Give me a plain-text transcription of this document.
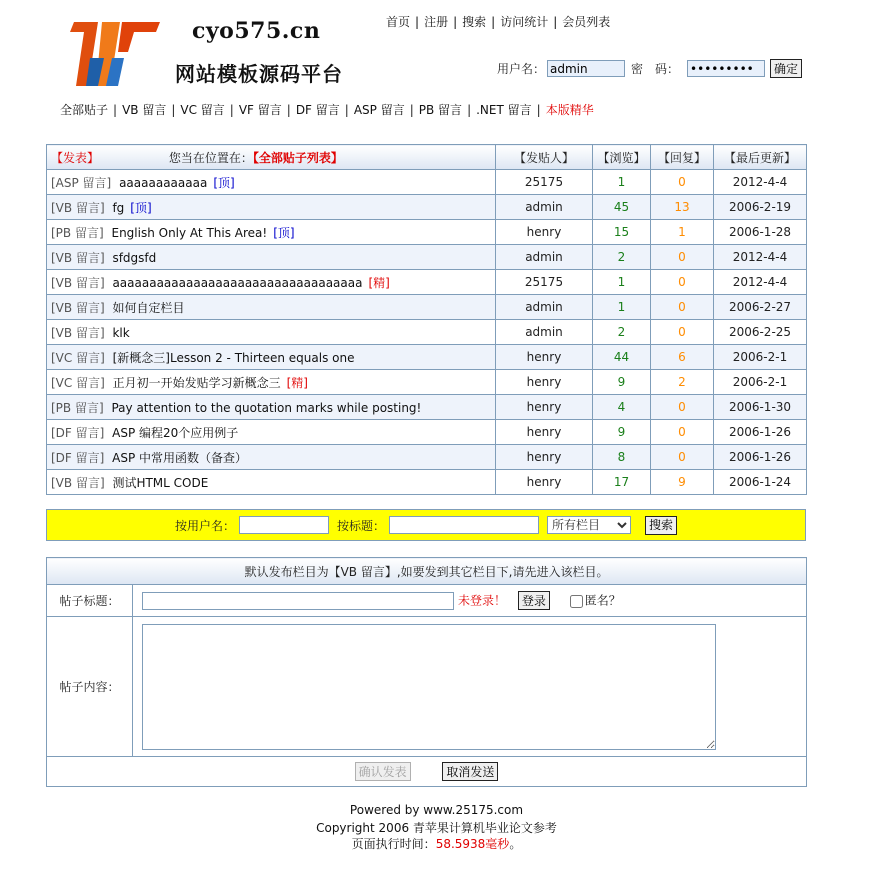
cyo575.cn
网站模板源码平台
首页 | 注册 | 搜索 | 访问统计 | 会员列表
用户名：
admin	密　码：
•••••••••	确定
全部贴子 | VB 留言 | VC 留言 | VF 留言 | DF 留言 | ASP 留言 | PB 留言 | .NET 留言 | 本版精华
【发表】 您当在位置在：【全部贴子列表】	【发贴人】	【浏览】	【回复】	【最后更新】
[ASP 留言] aaaaaaaaaaaa [顶]	25175	1	0	2012-4-4
[VB 留言] fg [顶]	admin	45	13	2006-2-19
[PB 留言] English Only At This Area! [顶]	henry	15	1	2006-1-28
[VB 留言] sfdgsfd	admin	2	0	2012-4-4
[VB 留言] aaaaaaaaaaaaaaaaaaaaaaaaaaaaaaaaaa [精]	25175	1	0	2012-4-4
[VB 留言] 如何自定栏目	admin	1	0	2006-2-27
[VB 留言] klk	admin	2	0	2006-2-25
[VC 留言] [新概念三]Lesson 2 - Thirteen equals one	henry	44	6	2006-2-1
[VC 留言] 正月初一开始发贴学习新概念三 [精]	henry	9	2	2006-2-1
[PB 留言] Pay attention to the quotation marks while posting!	henry	4	0	2006-1-30
[DF 留言] ASP 编程20个应用例子	henry	9	0	2006-1-26
[DF 留言] ASP 中常用函数（备查）	henry	8	0	2006-1-26
[VB 留言] 测试HTML CODE	henry	17	9	2006-1-24
按用户名：	按标题：
所有栏目	搜索
默认发布栏目为【VB 留言】,如要发到其它栏目下,请先进入该栏目。	
帖子标题：	未登录！ 登录 匿名？
帖子内容：	

确认发表 取消发送	
Powered by www.25175.com
Copyright 2006 青苹果计算机毕业论文参考
页面执行时间：58.5938毫秒。
